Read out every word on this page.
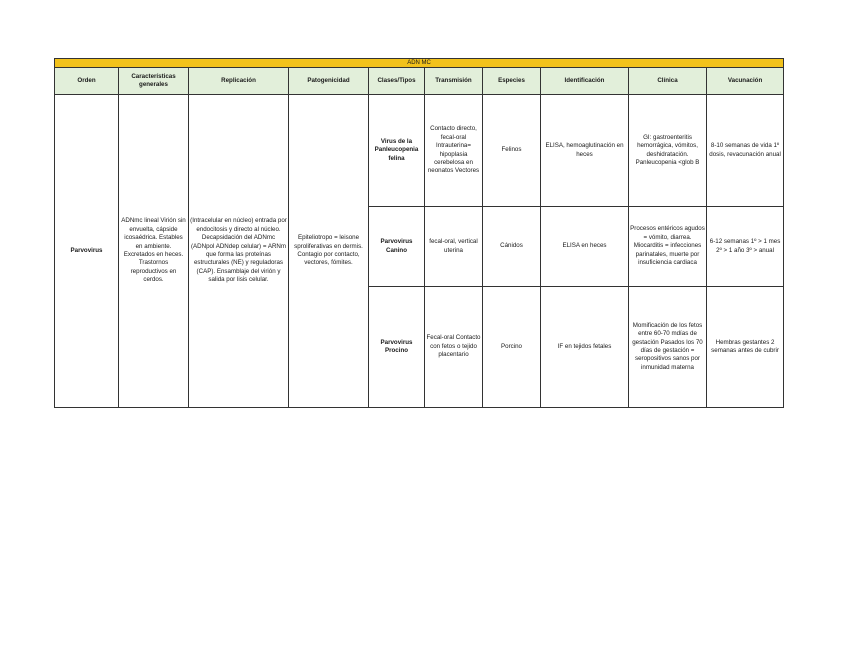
ADN MC									
Orden	Características generales	Replicación	Patogenicidad	Clases/Tipos	Transmisión	Especies	Identificación	Clínica	Vacunación
Parvovirus	ADNmc lineal Virión sin envuelta, cápside icosaédrica. Estables en ambiente. Excretados en heces. Trastornos reproductivos en cerdos.	(Intracelular en núcleo) entrada por endocitosis y directo al núcleo. Decapsidación del ADNmc (ADNpol ADNdep celular) = ARNm que forma las proteínas estructurales (NE) y reguladoras (CAP). Ensamblaje del virión y salida por lisis celular.	Epiteliotropo = leisone sproliferativas en dermis. Contagio por contacto, vectores, fómites.	Virus de la Panleucopenia felina	Contacto directo, fecal-oral Intrauterina= hipoplasia cerebelosa en neonatos Vectores	Felinos	ELISA, hemoaglutinación en heces	GI: gastroenteritis hemorrágica, vómitos, deshidratación. Panleucopenia <glob B	8-10 semanas de vida 1º dosis, revacunación anual
				Parvovirus Canino	fecal-oral, vertical uterina	Cánidos	ELISA en heces	Procesos entéricos agudos = vómito, diarrea. Miocarditis = infecciones parinatales, muerte por insuficiencia cardiaca	6-12 semanas 1º > 1 mes 2º > 1 año 3º > anual
				Parvovirus Procino	Fecal-oral Contacto con fetos o tejido placentario	Porcino	IF en tejidos fetales	Momificación de los fetos entre 60-70 mdías de gestación Pasados los 70 días de gestación = seropositivos sanos por inmunidad materna	Hembras gestantes 2 semanas antes de cubrir
